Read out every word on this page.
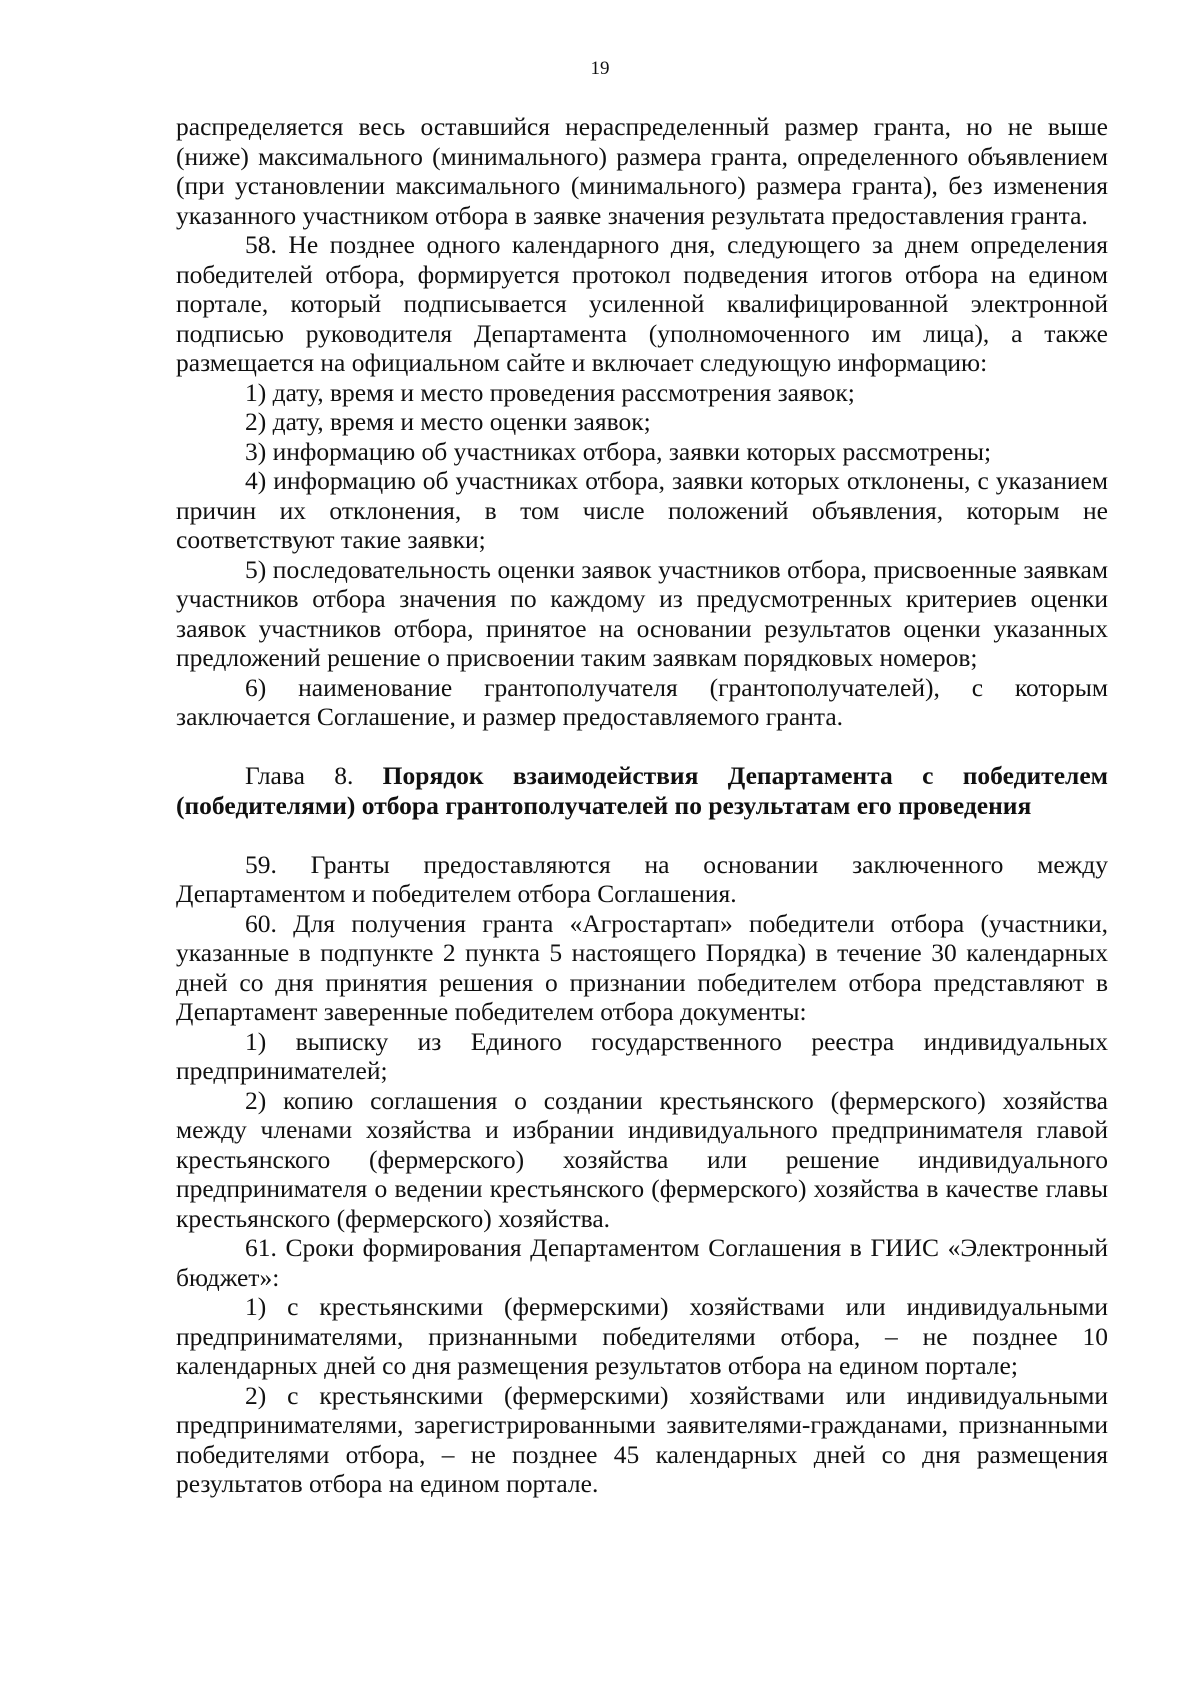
19

распределяется весь оставшийся нераспределенный размер гранта, но не выше (ниже) максимального (минимального) размера гранта, определенного объявлением (при установлении максимального (минимального) размера гранта), без изменения указанного участником отбора в заявке значения результата предоставления гранта.

58. Не позднее одного календарного дня, следующего за днем определения победителей отбора, формируется протокол подведения итогов отбора на едином портале, который подписывается усиленной квалифицированной электронной подписью руководителя Департамента (уполномоченного им лица), а также размещается на официальном сайте и включает следующую информацию:

1) дату, время и место проведения рассмотрения заявок;

2) дату, время и место оценки заявок;

3) информацию об участниках отбора, заявки которых рассмотрены;

4) информацию об участниках отбора, заявки которых отклонены, с указанием причин их отклонения, в том числе положений объявления, которым не соответствуют такие заявки;

5) последовательность оценки заявок участников отбора, присвоенные заявкам участников отбора значения по каждому из предусмотренных критериев оценки заявок участников отбора, принятое на основании результатов оценки указанных предложений решение о присвоении таким заявкам порядковых номеров;

6) наименование грантополучателя (грантополучателей), с которым заключается Соглашение, и размер предоставляемого гранта.

Глава 8. Порядок взаимодействия Департамента с победителем (победителями) отбора грантополучателей по результатам его проведения

59. Гранты предоставляются на основании заключенного между Департаментом и победителем отбора Соглашения.

60. Для получения гранта «Агростартап» победители отбора (участники, указанные в подпункте 2 пункта 5 настоящего Порядка) в течение 30 календарных дней со дня принятия решения о признании победителем отбора представляют в Департамент заверенные победителем отбора документы:

1) выписку из Единого государственного реестра индивидуальных предпринимателей;

2) копию соглашения о создании крестьянского (фермерского) хозяйства между членами хозяйства и избрании индивидуального предпринимателя главой крестьянского (фермерского) хозяйства или решение индивидуального предпринимателя о ведении крестьянского (фермерского) хозяйства в качестве главы крестьянского (фермерского) хозяйства.

61. Сроки формирования Департаментом Соглашения в ГИИС «Электронный бюджет»:

1) с крестьянскими (фермерскими) хозяйствами или индивидуальными предпринимателями, признанными победителями отбора, – не позднее 10 календарных дней со дня размещения результатов отбора на едином портале;

2) с крестьянскими (фермерскими) хозяйствами или индивидуальными предпринимателями, зарегистрированными заявителями-гражданами, признанными победителями отбора, – не позднее 45 календарных дней со дня размещения результатов отбора на едином портале.
